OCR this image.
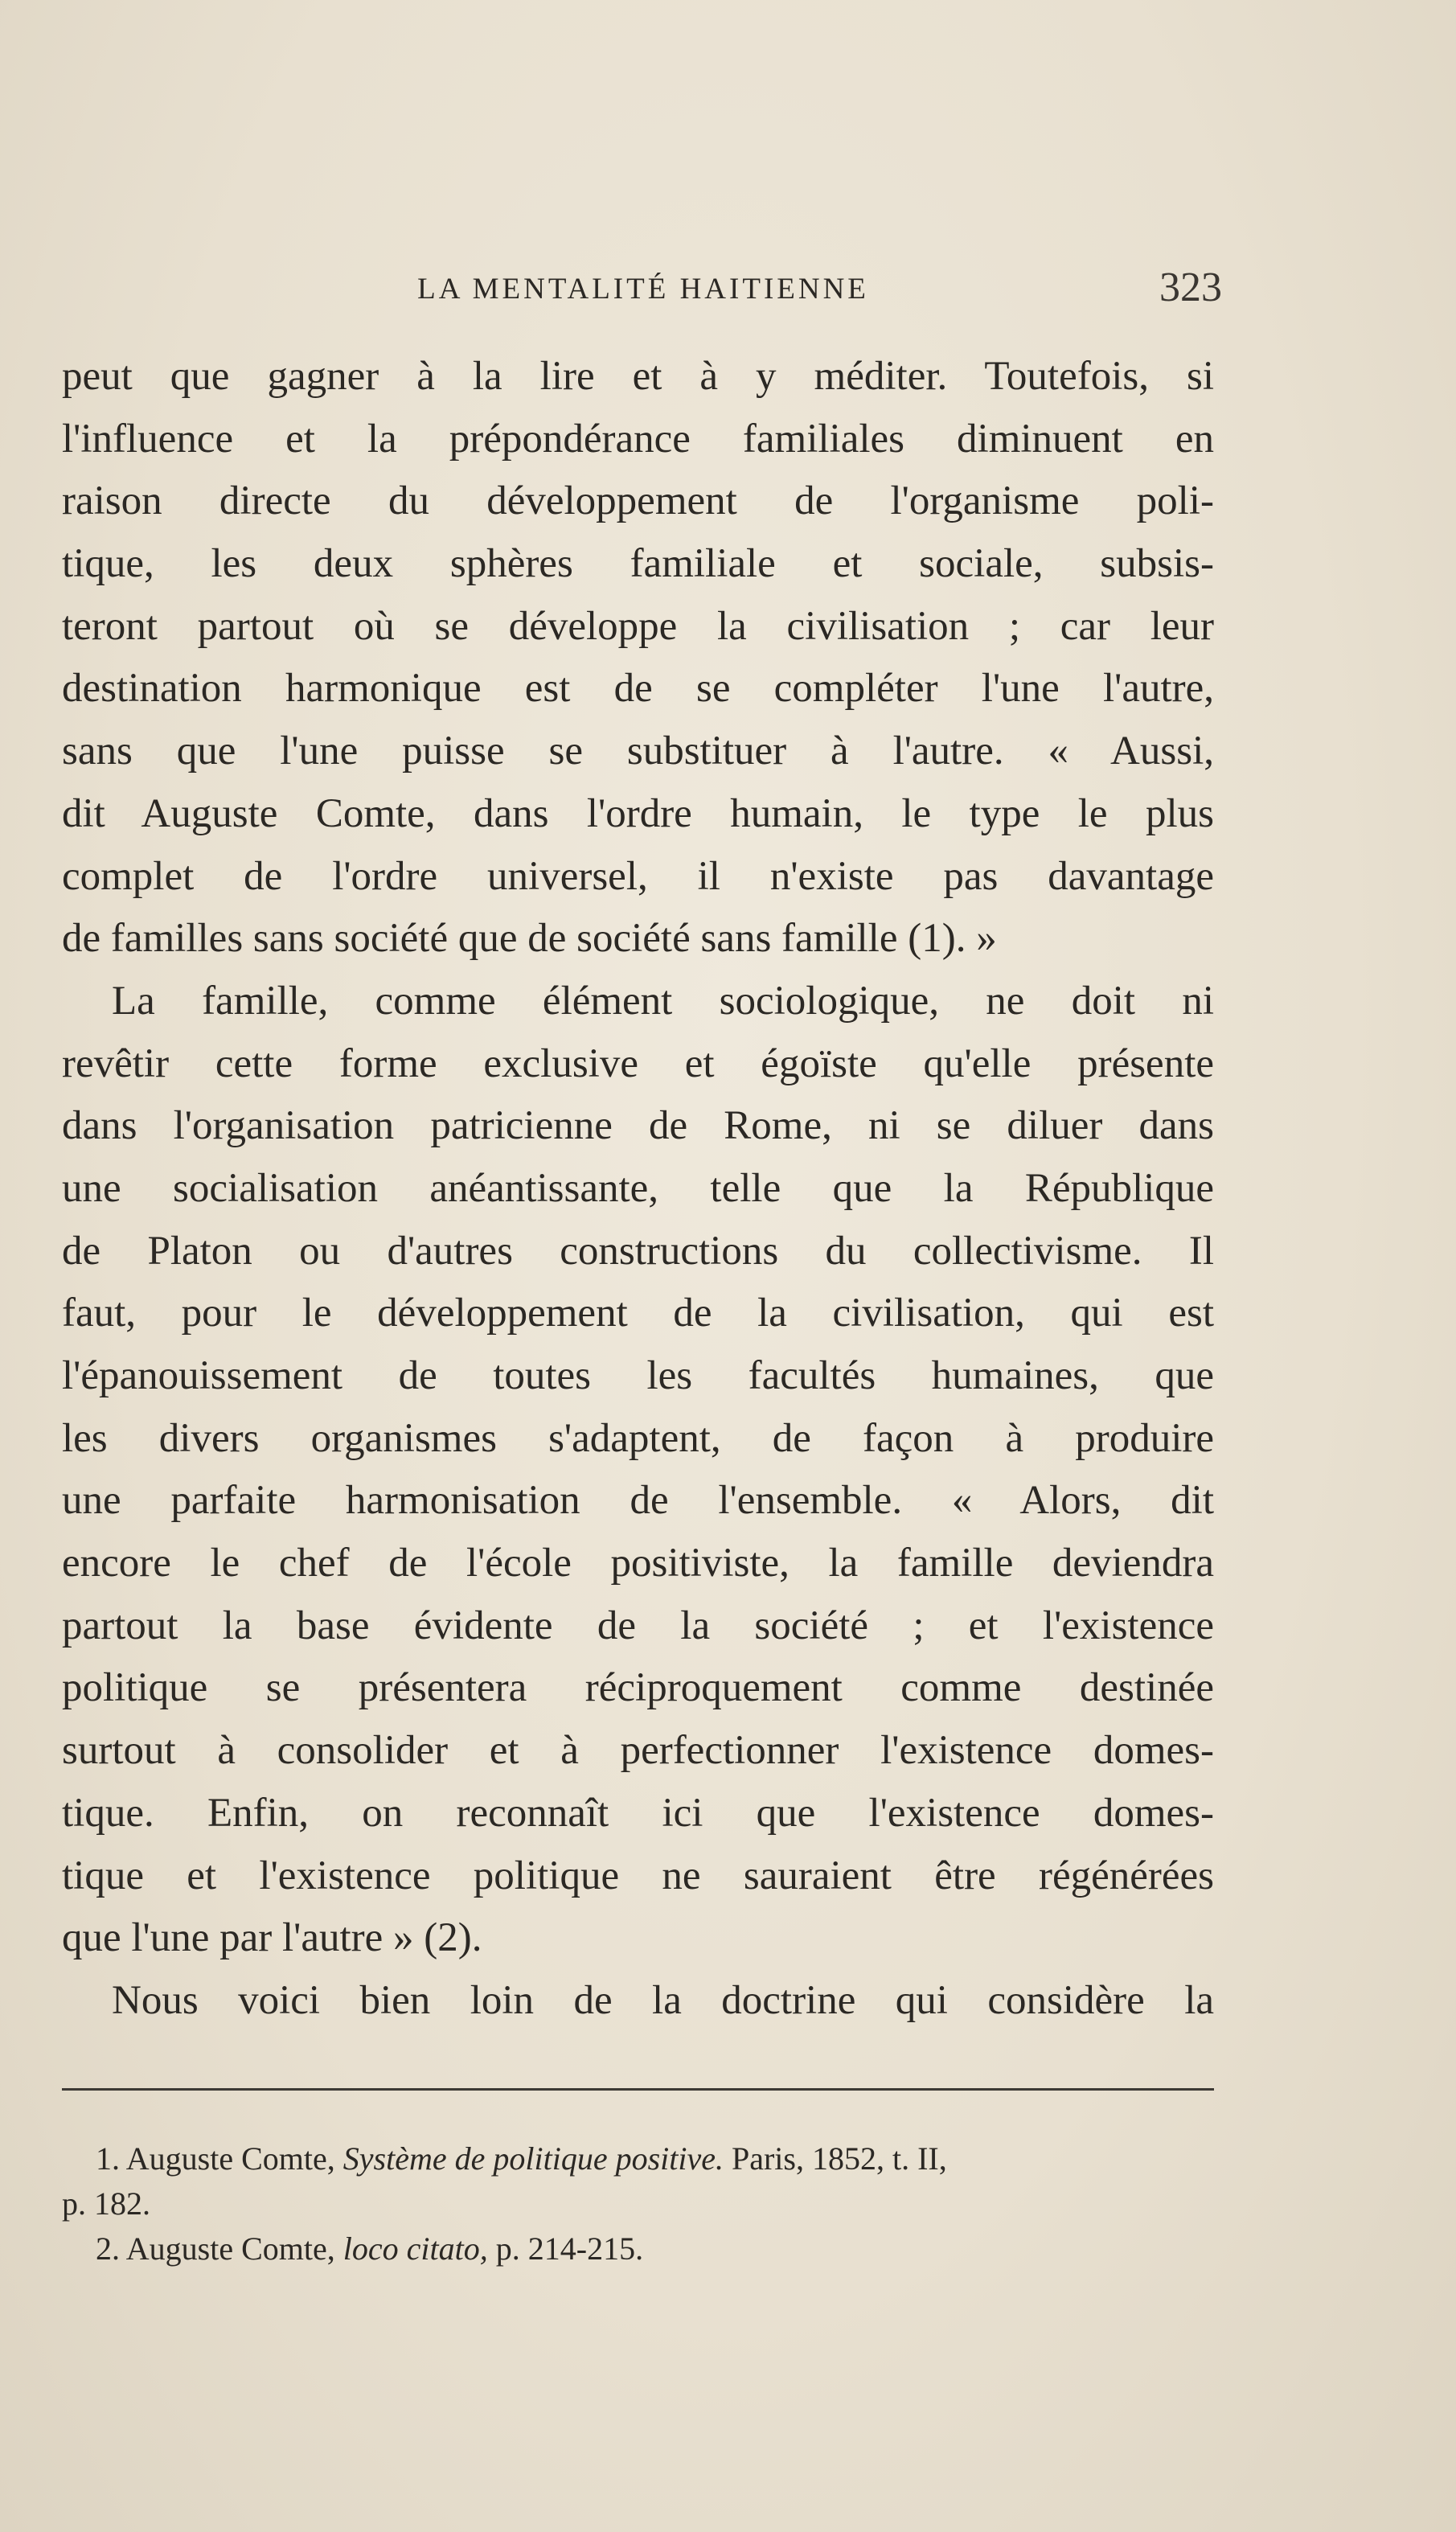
LA MENTALITÉ HAITIENNE	323
peut que gagner à la lire et à y méditer. Toutefois, si
l'influence et la prépondérance familiales diminuent en
raison directe du développement de l'organisme poli-
tique, les deux sphères familiale et sociale, subsis-
teront partout où se développe la civilisation ; car leur
destination harmonique est de se compléter l'une l'autre,
sans que l'une puisse se substituer à l'autre. « Aussi,
dit Auguste Comte, dans l'ordre humain, le type le plus
complet de l'ordre universel, il n'existe pas davantage
de familles sans société que de société sans famille (1). »
La famille, comme élément sociologique, ne doit ni
revêtir cette forme exclusive et égoïste qu'elle présente
dans l'organisation patricienne de Rome, ni se diluer dans
une socialisation anéantissante, telle que la République
de Platon ou d'autres constructions du collectivisme. Il
faut, pour le développement de la civilisation, qui est
l'épanouissement de toutes les facultés humaines, que
les divers organismes s'adaptent, de façon à produire
une parfaite harmonisation de l'ensemble. « Alors, dit
encore le chef de l'école positiviste, la famille deviendra
partout la base évidente de la société ; et l'existence
politique se présentera réciproquement comme destinée
surtout à consolider et à perfectionner l'existence domes-
tique. Enfin, on reconnaît ici que l'existence domes-
tique et l'existence politique ne sauraient être régénérées
que l'une par l'autre » (2).
Nous voici bien loin de la doctrine qui considère la
1. Auguste Comte, Système de politique positive. Paris, 1852, t. II,
p. 182.
2. Auguste Comte, loco citato, p. 214-215.
